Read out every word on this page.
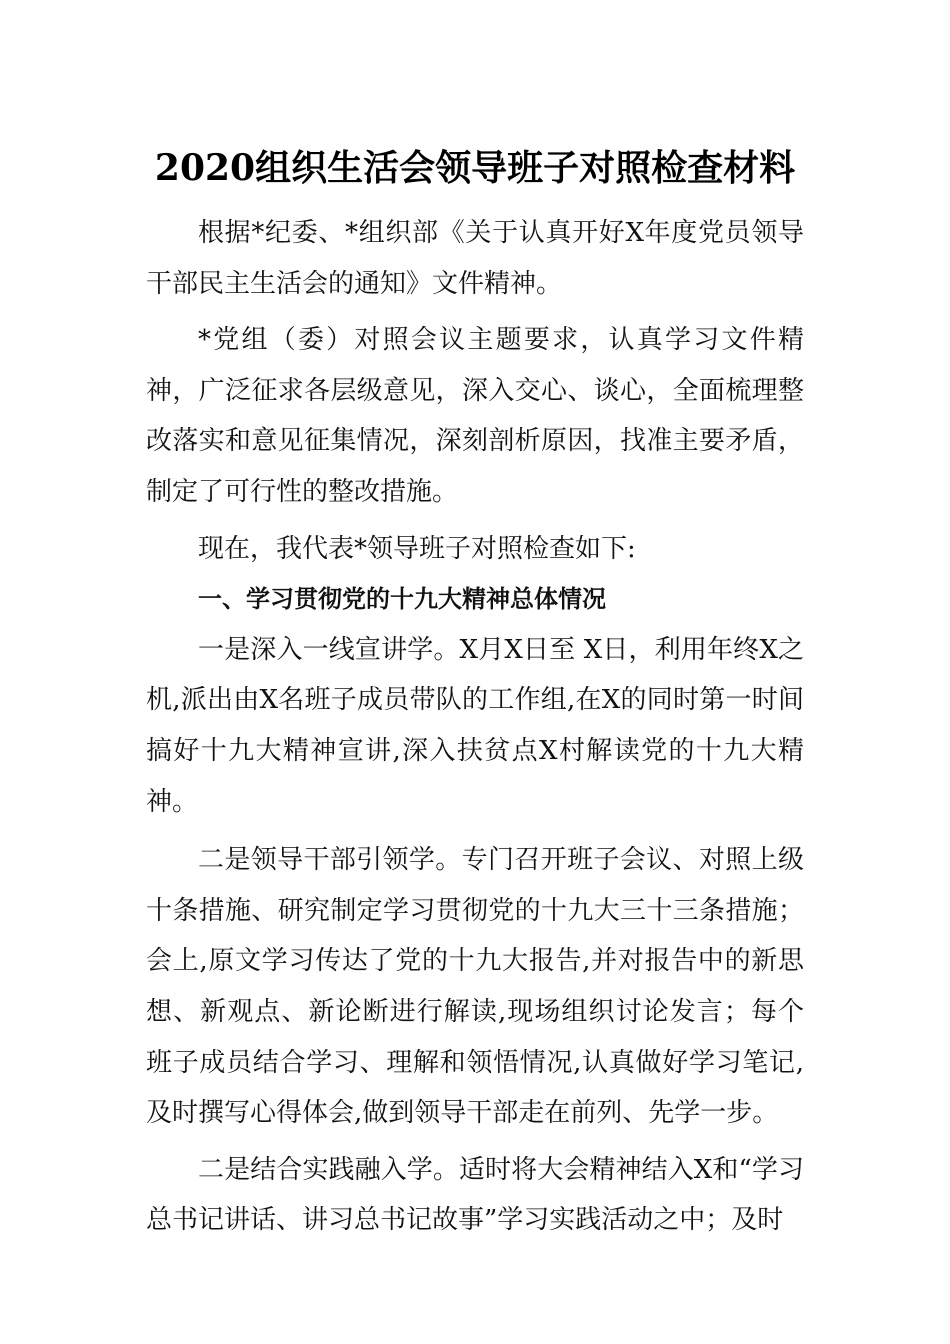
2020组织生活会领导班子对照检查材料

根据*纪委、*组织部《关于认真开好X年度党员领导干部民主生活会的通知》文件精神。

*党组（委）对照会议主题要求，认真学习文件精神，广泛征求各层级意见，深入交心、谈心，全面梳理整改落实和意见征集情况，深刻剖析原因，找准主要矛盾，制定了可行性的整改措施。

现在，我代表*领导班子对照检查如下:

一、学习贯彻党的十九大精神总体情况

一是深入一线宣讲学。X月X日至 X日，利用年终X之机,派出由X名班子成员带队的工作组,在X的同时第一时间搞好十九大精神宣讲,深入扶贫点X村解读党的十九大精神。

二是领导干部引领学。专门召开班子会议、对照上级十条措施、研究制定学习贯彻党的十九大三十三条措施；会上,原文学习传达了党的十九大报告,并对报告中的新思想、新观点、新论断进行解读,现场组织讨论发言；每个班子成员结合学习、理解和领悟情况,认真做好学习笔记,及时撰写心得体会,做到领导干部走在前列、先学一步。

二是结合实践融入学。适时将大会精神结入X和“学习总书记讲话、讲习总书记故事”学习实践活动之中；及时
